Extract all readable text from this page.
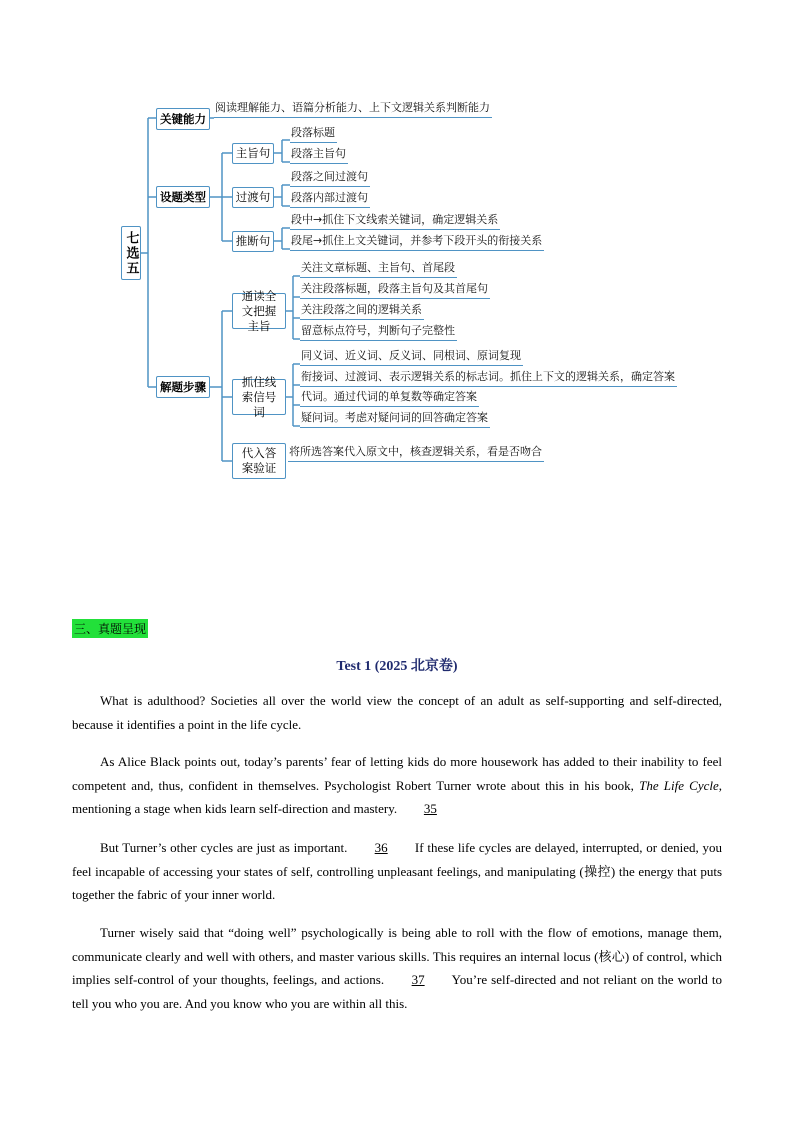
七选五
关键能力
阅读理解能力、语篇分析能力、上下文逻辑关系判断能力
设题类型
解题步骤
主旨句
段落标题
段落主旨句
过渡句
段落之间过渡句
段落内部过渡句
推断句
段中→抓住下文线索关键词，确定逻辑关系
段尾→抓住上文关键词，并参考下段开头的衔接关系
通读全文把握主旨
关注文章标题、主旨句、首尾段
关注段落标题，段落主旨句及其首尾句
关注段落之间的逻辑关系
留意标点符号，判断句子完整性
抓住线索信号词
同义词、近义词、反义词、同根词、原词复现
衔接词、过渡词、表示逻辑关系的标志词。抓住上下文的逻辑关系，确定答案
代词。通过代词的单复数等确定答案
疑问词。考虑对疑问词的回答确定答案
代入答案验证
将所选答案代入原文中，核查逻辑关系，看是否吻合
三、真题呈现
Test 1 (2025 北京卷)
What is adulthood? Societies all over the world view the concept of an adult as self-supporting and self-directed, because it identifies a point in the life cycle.
As Alice Black points out, today’s parents’ fear of letting kids do more housework has added to their inability to feel competent and, thus, confident in themselves. Psychologist Robert Turner wrote about this in his book, The Life Cycle, mentioning a stage when kids learn self-direction and mastery. 35
But Turner’s other cycles are just as important. 36 If these life cycles are delayed, interrupted, or denied, you feel incapable of accessing your states of self, controlling unpleasant feelings, and manipulating (操控) the energy that puts together the fabric of your inner world.
Turner wisely said that “doing well” psychologically is being able to roll with the flow of emotions, manage them, communicate clearly and well with others, and master various skills. This requires an internal locus (核心) of control, which implies self-control of your thoughts, feelings, and actions. 37 You’re self-directed and not reliant on the world to tell you who you are. And you know who you are within all this.
